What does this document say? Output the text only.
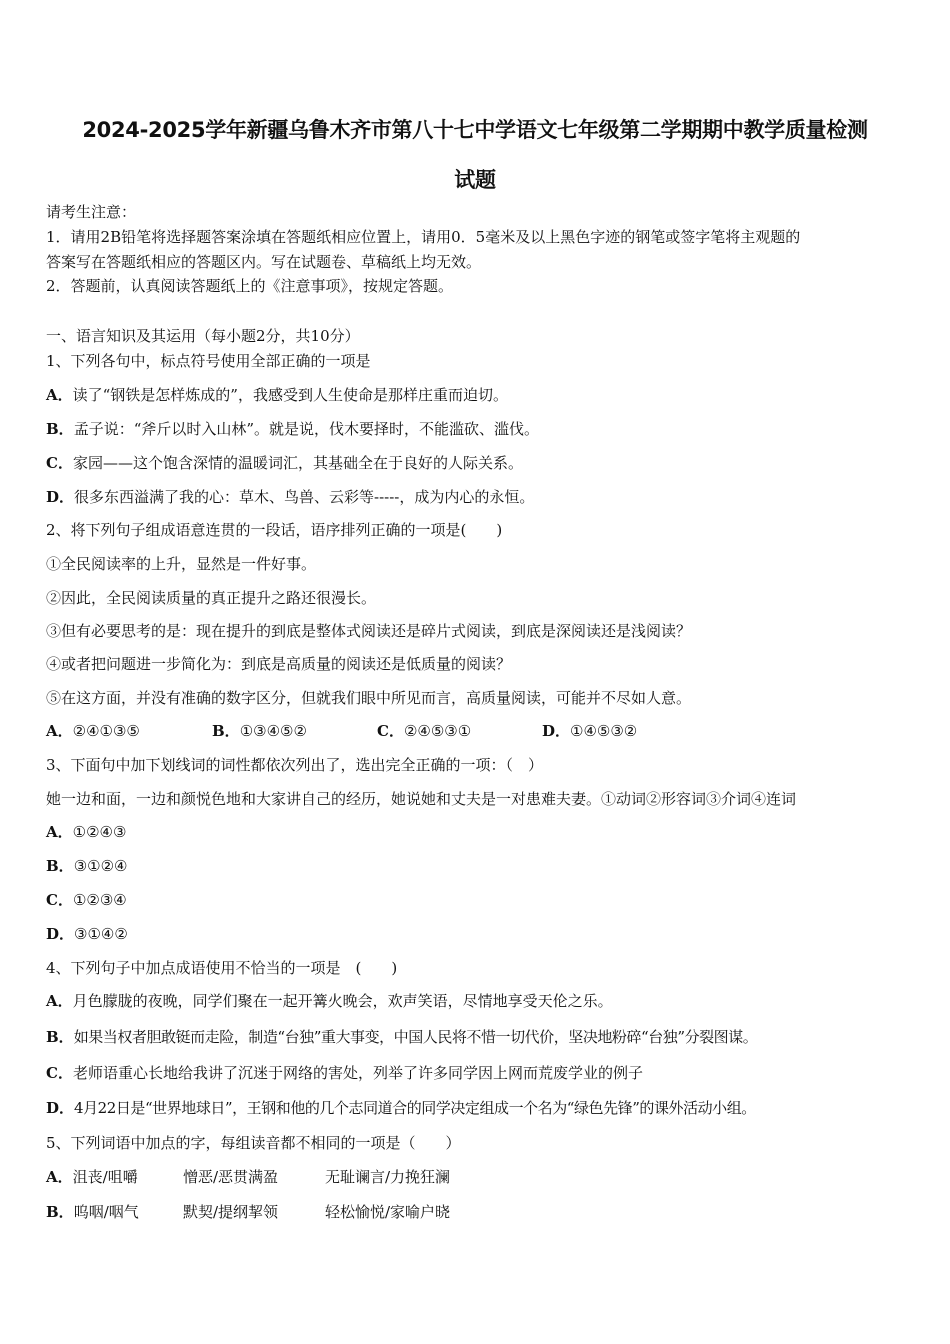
2024-2025学年新疆乌鲁木齐市第八十七中学语文七年级第二学期期中教学质量检测
试题
请考生注意：
1．请用2B铅笔将选择题答案涂填在答题纸相应位置上，请用0．5毫米及以上黑色字迹的钢笔或签字笔将主观题的
答案写在答题纸相应的答题区内。写在试题卷、草稿纸上均无效。
2．答题前，认真阅读答题纸上的《注意事项》，按规定答题。
一、语言知识及其运用（每小题2分，共10分）
1、下列各句中，标点符号使用全部正确的一项是
A．读了“钢铁是怎样炼成的”，我感受到人生使命是那样庄重而迫切。
B．孟子说：“斧斤以时入山林”。就是说，伐木要择时，不能滥砍、滥伐。
C．家园——这个饱含深情的温暖词汇，其基础全在于良好的人际关系。
D．很多东西溢满了我的心：草木、鸟兽、云彩等-----，成为内心的永恒。
2、将下列句子组成语意连贯的一段话，语序排列正确的一项是(　　)
①全民阅读率的上升，显然是一件好事。
②因此，全民阅读质量的真正提升之路还很漫长。
③但有必要思考的是：现在提升的到底是整体式阅读还是碎片式阅读，到底是深阅读还是浅阅读？
④或者把问题进一步简化为：到底是高质量的阅读还是低质量的阅读？
⑤在这方面，并没有准确的数字区分，但就我们眼中所见而言，高质量阅读，可能并不尽如人意。
A．②④①③⑤	B．①③④⑤②	C．②④⑤③①	D．①④⑤③②
3、下面句中加下划线词的词性都依次列出了，选出完全正确的一项：（　）
她一边和面，一边和颜悦色地和大家讲自己的经历，她说她和丈夫是一对患难夫妻。①动词②形容词③介词④连词
A．①②④③
B．③①②④
C．①②③④
D．③①④②
4、下列句子中加点成语使用不恰当的一项是　(　　)
A．月色朦胧的夜晚，同学们聚在一起开篝火晚会，欢声笑语，尽情地享受天伦之乐。
B．如果当权者胆敢铤而走险，制造“台独”重大事变，中国人民将不惜一切代价，坚决地粉碎“台独”分裂图谋。
C．老师语重心长地给我讲了沉迷于网络的害处，列举了许多同学因上网而荒废学业的例子
D．4月22日是“世界地球日”，王钢和他的几个志同道合的同学决定组成一个名为“绿色先锋”的课外活动小组。
5、下列词语中加点的字，每组读音都不相同的一项是（　　）
A．沮丧/咀嚼	憎恶/恶贯满盈	无耻谰言/力挽狂澜
B．呜咽/咽气	默契/提纲挈领	轻松愉悦/家喻户晓
